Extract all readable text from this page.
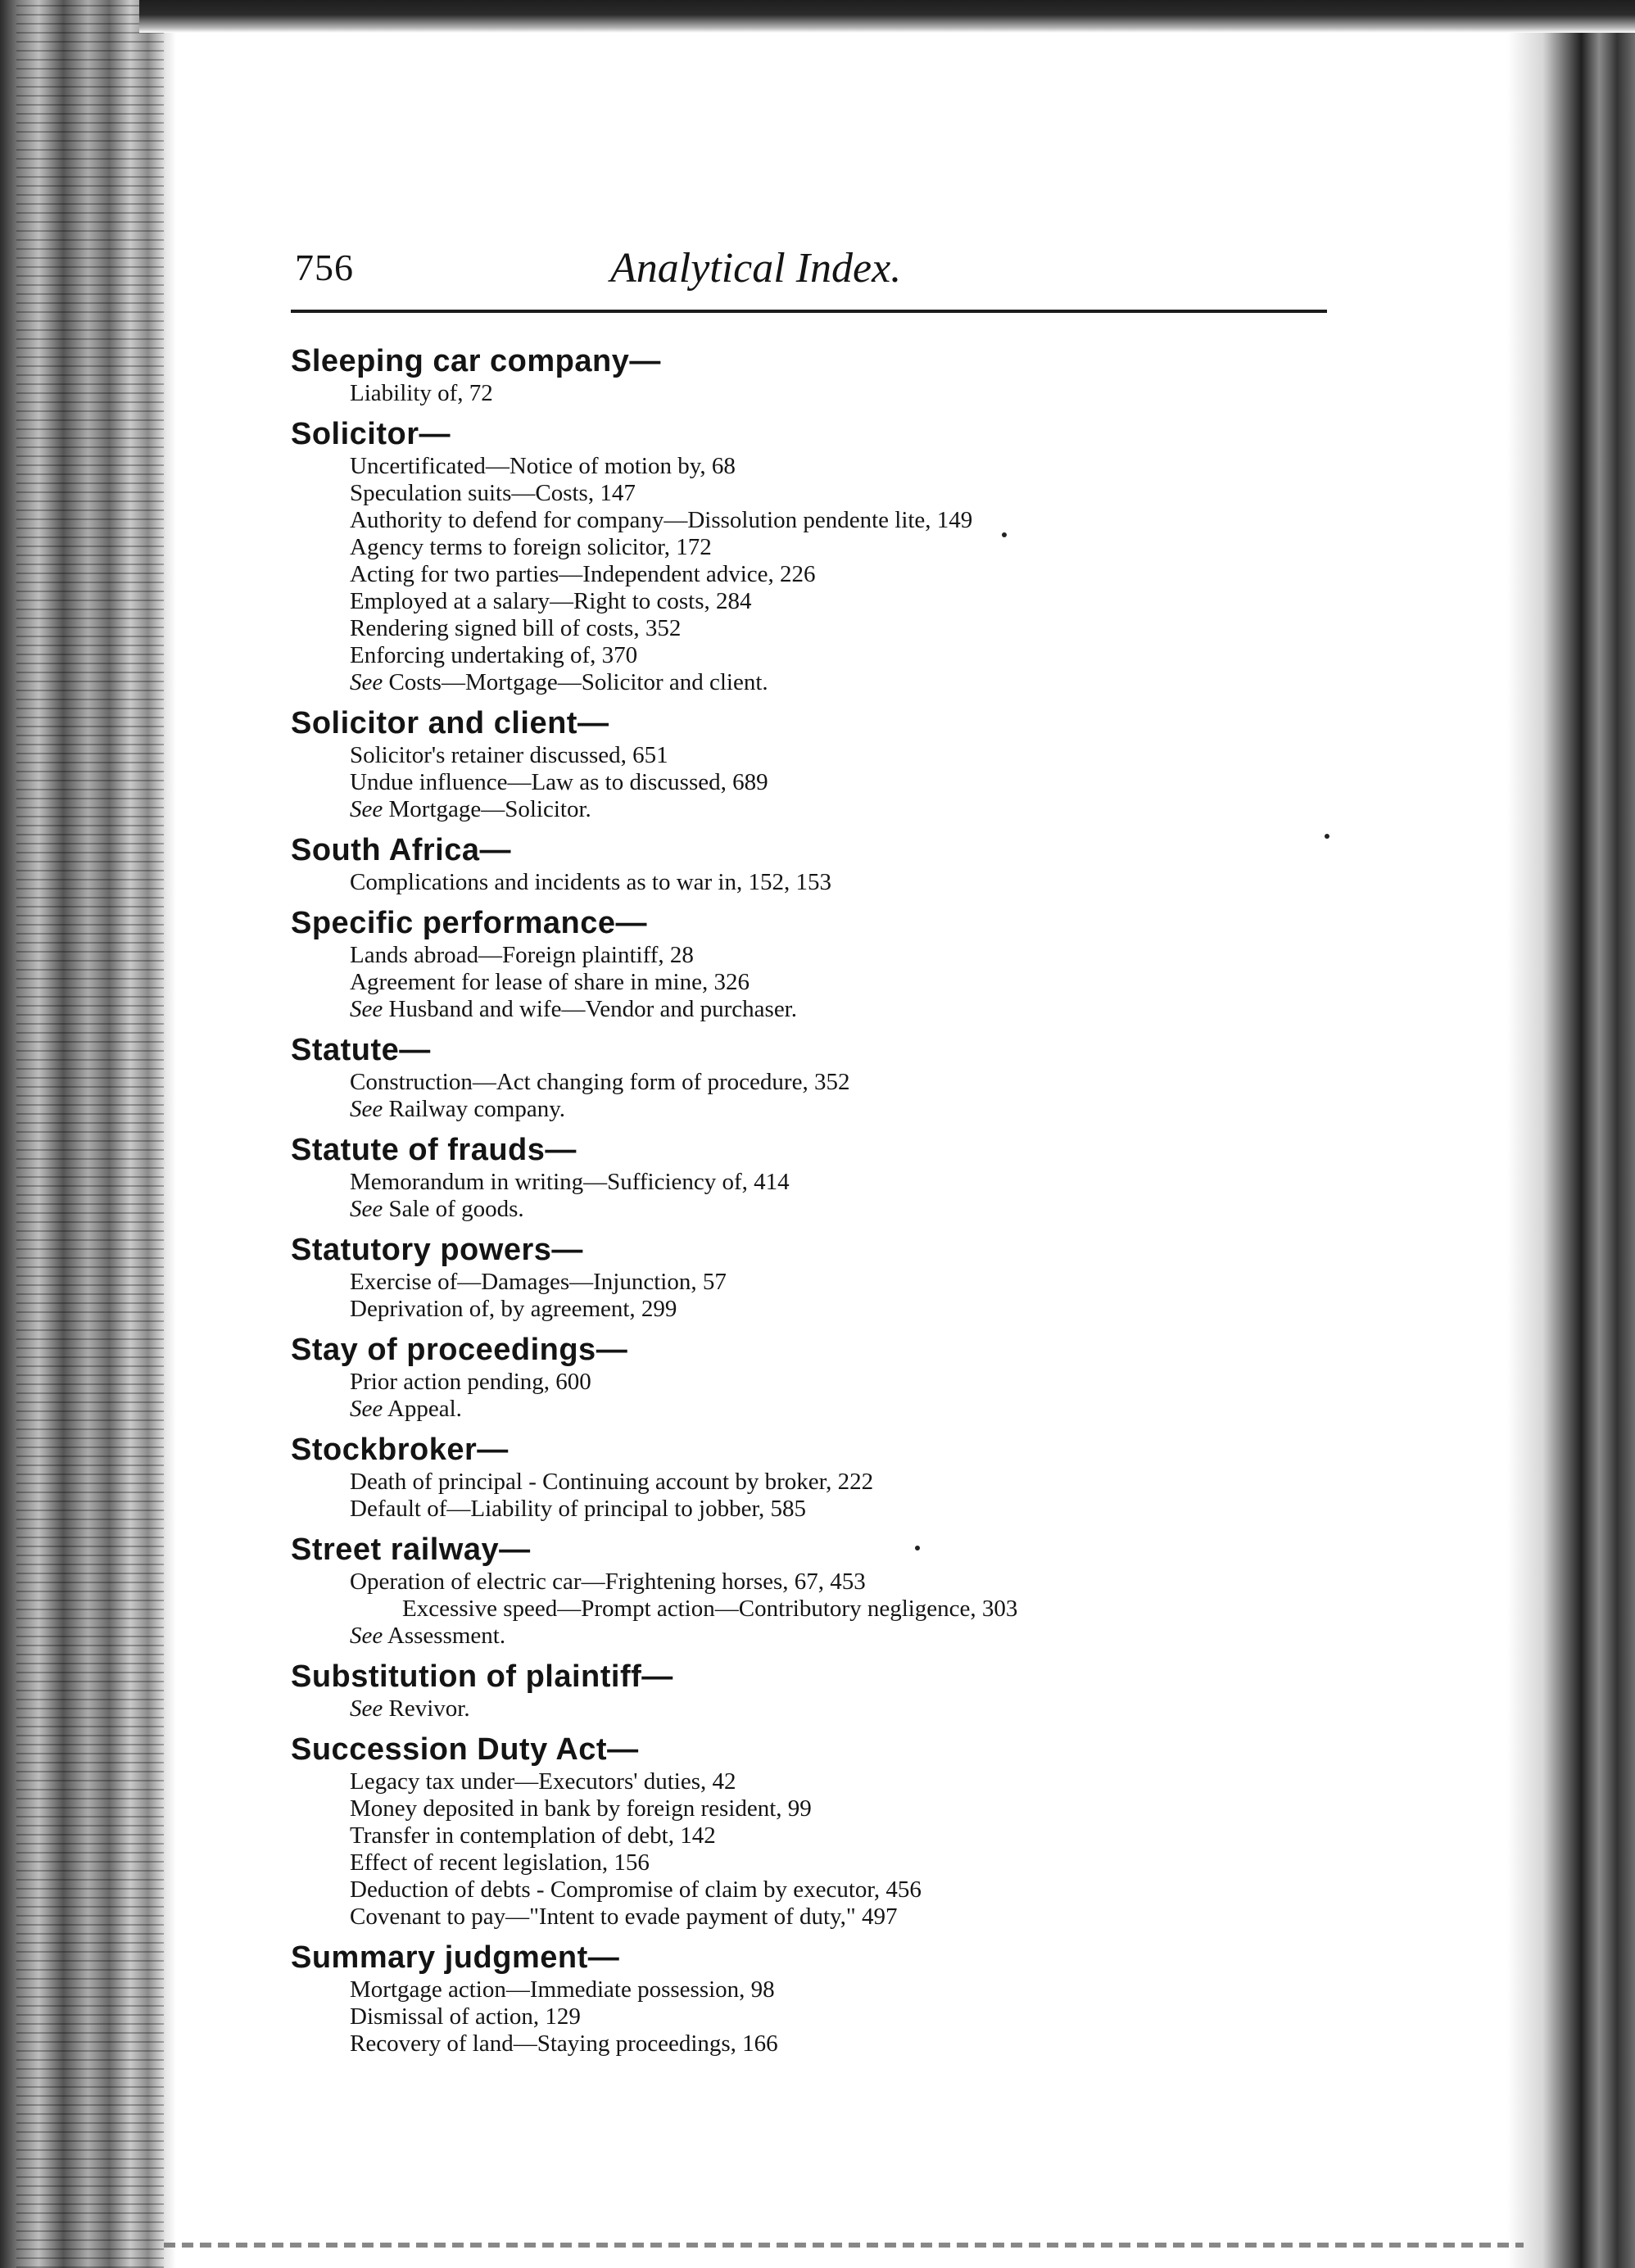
756	Analytical Index.
Sleeping car company—
Liability of, 72
Solicitor—
Uncertificated—Notice of motion by, 68
Speculation suits—Costs, 147
Authority to defend for company—Dissolution pendente lite, 149
Agency terms to foreign solicitor, 172
Acting for two parties—Independent advice, 226
Employed at a salary—Right to costs, 284
Rendering signed bill of costs, 352
Enforcing undertaking of, 370
See Costs—Mortgage—Solicitor and client.
Solicitor and client—
Solicitor's retainer discussed, 651
Undue influence—Law as to discussed, 689
See Mortgage—Solicitor.
South Africa—
Complications and incidents as to war in, 152, 153
Specific performance—
Lands abroad—Foreign plaintiff, 28
Agreement for lease of share in mine, 326
See Husband and wife—Vendor and purchaser.
Statute—
Construction—Act changing form of procedure, 352
See Railway company.
Statute of frauds—
Memorandum in writing—Sufficiency of, 414
See Sale of goods.
Statutory powers—
Exercise of—Damages—Injunction, 57
Deprivation of, by agreement, 299
Stay of proceedings—
Prior action pending, 600
See Appeal.
Stockbroker—
Death of principal - Continuing account by broker, 222
Default of—Liability of principal to jobber, 585
Street railway—
Operation of electric car—Frightening horses, 67, 453
Excessive speed—Prompt action—Contributory negligence, 303
See Assessment.
Substitution of plaintiff—
See Revivor.
Succession Duty Act—
Legacy tax under—Executors' duties, 42
Money deposited in bank by foreign resident, 99
Transfer in contemplation of debt, 142
Effect of recent legislation, 156
Deduction of debts - Compromise of claim by executor, 456
Covenant to pay—"Intent to evade payment of duty," 497
Summary judgment—
Mortgage action—Immediate possession, 98
Dismissal of action, 129
Recovery of land—Staying proceedings, 166
